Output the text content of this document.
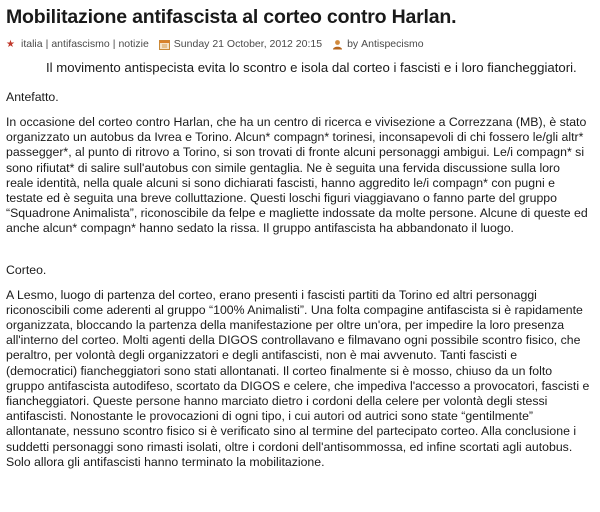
Mobilitazione antifascista al corteo contro Harlan.
★ italia | antifascismo | notizie Sunday 21 October, 2012 20:15 by
Antispecismo

Il movimento antispecista evita lo scontro e isola dal corteo i fascisti e i loro fiancheggiatori.

Antefatto.

In occasione del corteo contro Harlan, che ha un centro di ricerca e vivisezione a Correzzana (MB), è stato organizzato un autobus da Ivrea e Torino. Alcun* compagn* torinesi, inconsapevoli di chi fossero le/gli altr* passegger*, al punto di ritrovo a Torino, si son trovati di fronte alcuni personaggi ambigui. Le/i compagn* si sono rifiutat* di salire sull'autobus con simile gentaglia. Ne è seguita una fervida discussione sulla loro reale identità, nella quale alcuni si sono dichiarati fascisti, hanno aggredito le/i compagn* con pugni e testate ed è seguita una breve colluttazione. Questi loschi figuri viaggiavano o fanno parte del gruppo “Squadrone Animalista”, riconoscibile da felpe e magliette indossate da molte persone. Alcune di queste ed anche alcun* compagn* hanno sedato la rissa. Il gruppo antifascista ha abbandonato il luogo.

Corteo.

A Lesmo, luogo di partenza del corteo, erano presenti i fascisti partiti da Torino ed altri personaggi riconoscibili come aderenti al gruppo “100% Animalisti”. Una folta compagine antifascista si è rapidamente organizzata, bloccando la partenza della manifestazione per oltre un'ora, per impedire la loro presenza all'interno del corteo. Molti agenti della DIGOS controllavano e filmavano ogni possibile scontro fisico, che peraltro, per volontà degli organizzatori e degli antifascisti, non è mai avvenuto. Tanti fascisti e (democratici) fiancheggiatori sono stati allontanati. Il corteo finalmente si è mosso, chiuso da un folto gruppo antifascista autodifeso, scortato da DIGOS e celere, che impediva l'accesso a provocatori, fascisti e fiancheggiatori. Queste persone hanno marciato dietro i cordoni della celere per volontà degli stessi antifascisti. Nonostante le provocazioni di ogni tipo, i cui autori od autrici sono state “gentilmente” allontanate, nessuno scontro fisico si è verificato sino al termine del partecipato corteo. Alla conclusione i suddetti personaggi sono rimasti isolati, oltre i cordoni dell'antisommossa, ed infine scortati agli autobus. Solo allora gli antifascisti hanno terminato la mobilitazione.
